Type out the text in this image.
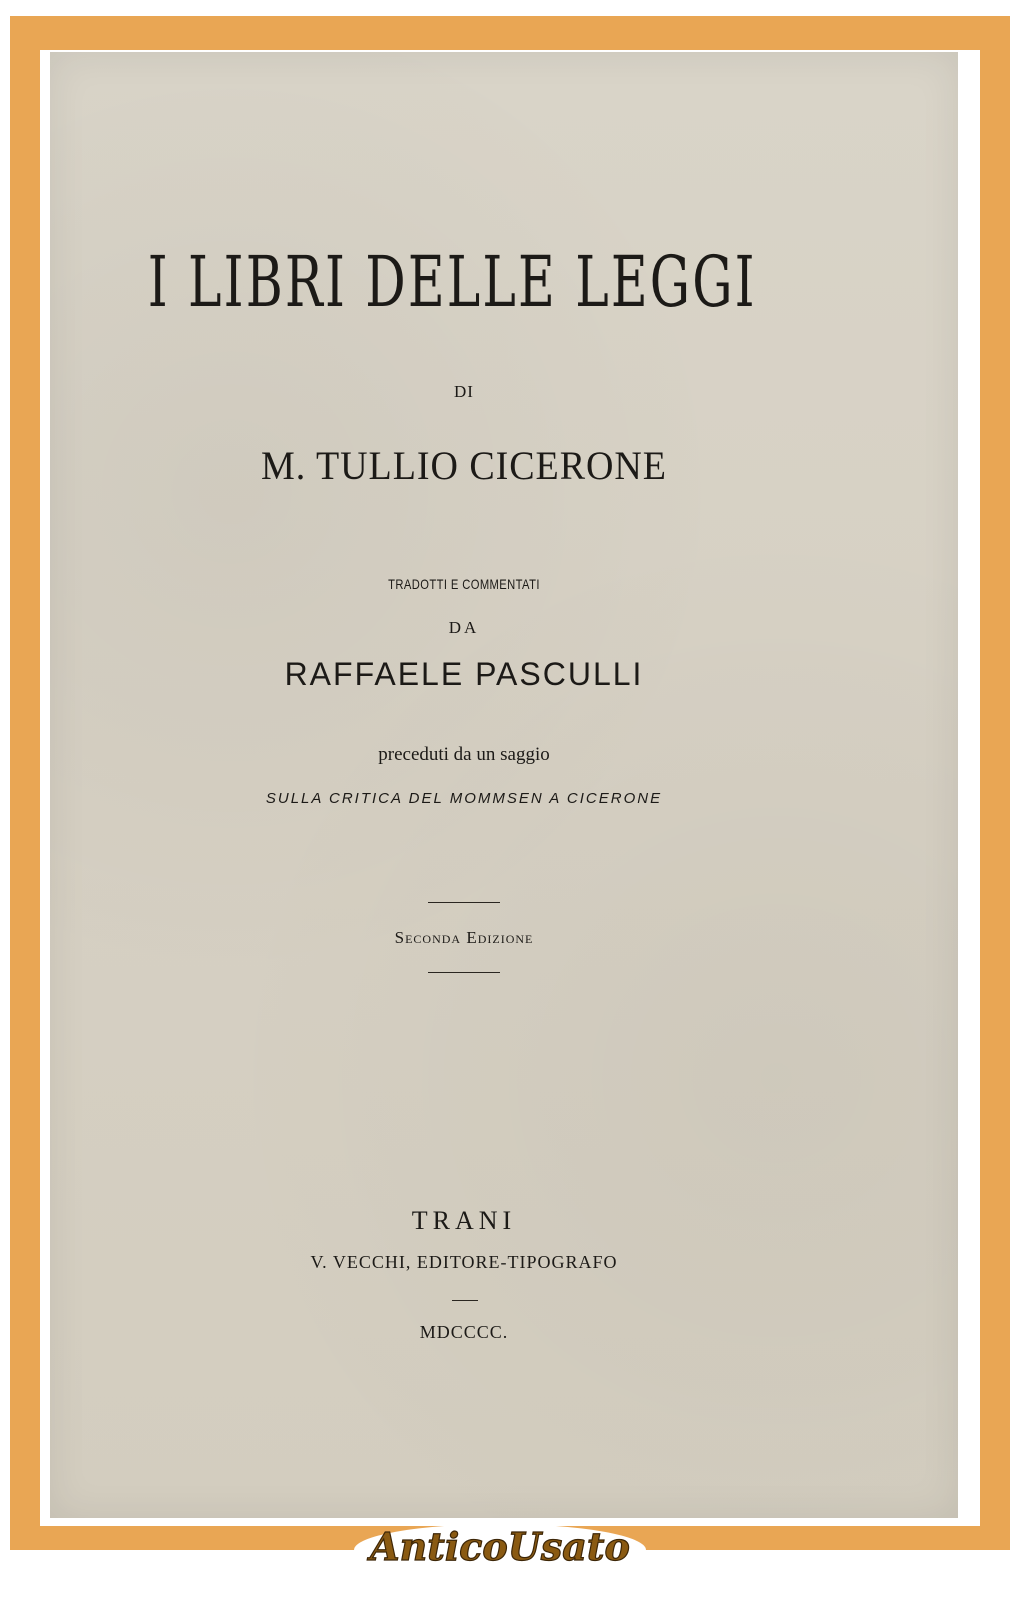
I LIBRI DELLE LEGGI
DI
M. TULLIO CICERONE
TRADOTTI E COMMENTATI
DA
RAFFAELE PASCULLI
preceduti da un saggio
SULLA CRITICA DEL MOMMSEN A CICERONE
Seconda Edizione
TRANI
V. VECCHI, EDITORE-TIPOGRAFO
MDCCCC.
AnticoUsato
